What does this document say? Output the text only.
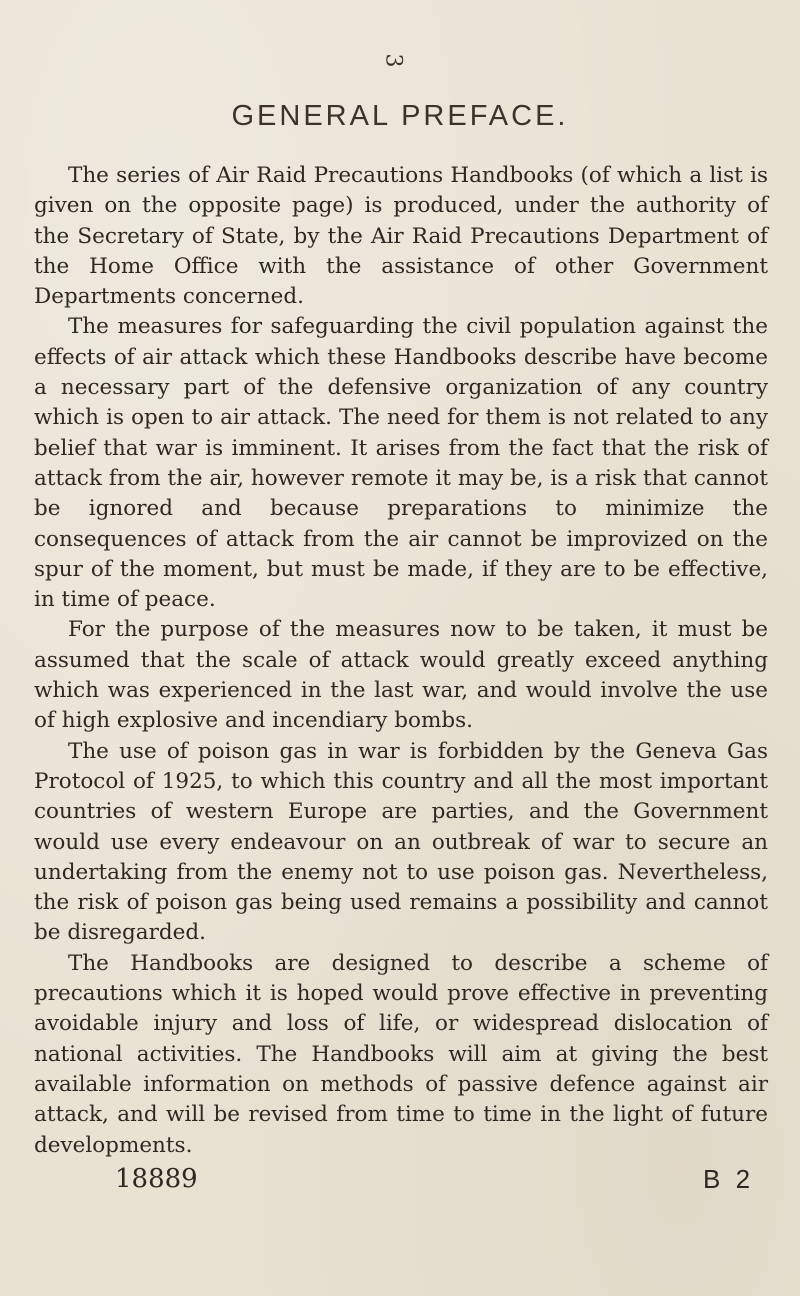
3
GENERAL PREFACE.

The series of Air Raid Precautions Handbooks (of which a list is given on the opposite page) is produced, under the authority of the Secretary of State, by the Air Raid Precautions Department of the Home Office with the assistance of other Government Departments concerned.

The measures for safeguarding the civil population against the effects of air attack which these Handbooks describe have become a necessary part of the defensive organization of any country which is open to air attack. The need for them is not related to any belief that war is imminent. It arises from the fact that the risk of attack from the air, however remote it may be, is a risk that cannot be ignored and because preparations to minimize the consequences of attack from the air cannot be improvized on the spur of the moment, but must be made, if they are to be effective, in time of peace.

For the purpose of the measures now to be taken, it must be assumed that the scale of attack would greatly exceed anything which was experienced in the last war, and would involve the use of high explosive and incendiary bombs.

The use of poison gas in war is forbidden by the Geneva Gas Protocol of 1925, to which this country and all the most important countries of western Europe are parties, and the Government would use every endeavour on an outbreak of war to secure an undertaking from the enemy not to use poison gas. Nevertheless, the risk of poison gas being used remains a possibility and cannot be disregarded.

The Handbooks are designed to describe a scheme of precautions which it is hoped would prove effective in preventing avoidable injury and loss of life, or widespread dislocation of national activities. The Handbooks will aim at giving the best available information on methods of passive defence against air attack, and will be revised from time to time in the light of future developments.

18889	B 2
